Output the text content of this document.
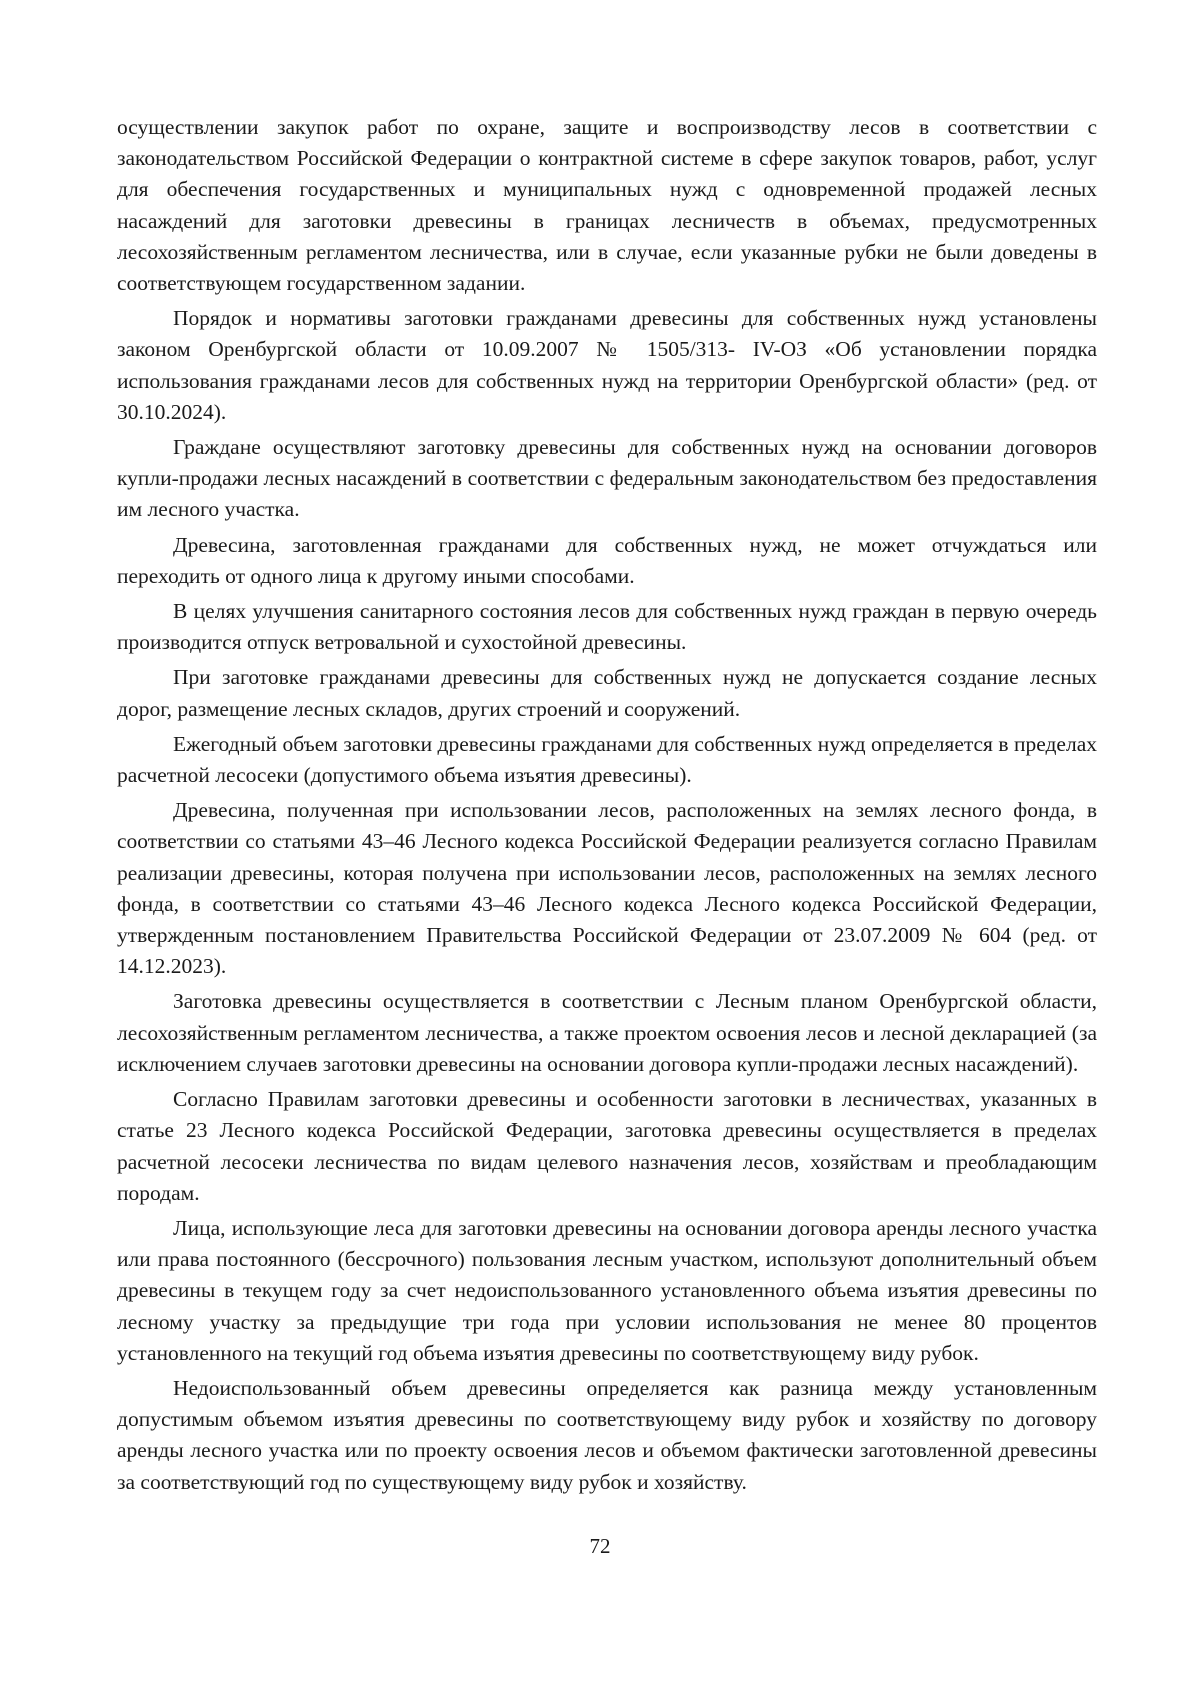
осуществлении закупок работ по охране, защите и воспроизводству лесов в соответствии с законодательством Российской Федерации о контрактной системе в сфере закупок товаров, работ, услуг для обеспечения государственных и муниципальных нужд с одновременной продажей лесных насаждений для заготовки древесины в границах лесничеств в объемах, предусмотренных лесохозяйственным регламентом лесничества, или в случае, если указанные рубки не были доведены в соответствующем государственном задании.

Порядок и нормативы заготовки гражданами древесины для собственных нужд установлены законом Оренбургской области от 10.09.2007 № 1505/313- IV-ОЗ «Об установлении порядка использования гражданами лесов для собственных нужд на территории Оренбургской области» (ред. от 30.10.2024).

Граждане осуществляют заготовку древесины для собственных нужд на основании договоров купли-продажи лесных насаждений в соответствии с федеральным законодательством без предоставления им лесного участка.

Древесина, заготовленная гражданами для собственных нужд, не может отчуждаться или переходить от одного лица к другому иными способами.

В целях улучшения санитарного состояния лесов для собственных нужд граждан в первую очередь производится отпуск ветровальной и сухостойной древесины.

При заготовке гражданами древесины для собственных нужд не допускается создание лесных дорог, размещение лесных складов, других строений и сооружений.

Ежегодный объем заготовки древесины гражданами для собственных нужд определяется в пределах расчетной лесосеки (допустимого объема изъятия древесины).

Древесина, полученная при использовании лесов, расположенных на землях лесного фонда, в соответствии со статьями 43–46 Лесного кодекса Российской Федерации реализуется согласно Правилам реализации древесины, которая получена при использовании лесов, расположенных на землях лесного фонда, в соответствии со статьями 43–46 Лесного кодекса Лесного кодекса Российской Федерации, утвержденным постановлением Правительства Российской Федерации от 23.07.2009 № 604 (ред. от 14.12.2023).

Заготовка древесины осуществляется в соответствии с Лесным планом Оренбургской области, лесохозяйственным регламентом лесничества, а также проектом освоения лесов и лесной декларацией (за исключением случаев заготовки древесины на основании договора купли-продажи лесных насаждений).

Согласно Правилам заготовки древесины и особенности заготовки в лесничествах, указанных в статье 23 Лесного кодекса Российской Федерации, заготовка древесины осуществляется в пределах расчетной лесосеки лесничества по видам целевого назначения лесов, хозяйствам и преобладающим породам.

Лица, использующие леса для заготовки древесины на основании договора аренды лесного участка или права постоянного (бессрочного) пользования лесным участком, используют дополнительный объем древесины в текущем году за счет недоиспользованного установленного объема изъятия древесины по лесному участку за предыдущие три года при условии использования не менее 80 процентов установленного на текущий год объема изъятия древесины по соответствующему виду рубок.

Недоиспользованный объем древесины определяется как разница между установленным допустимым объемом изъятия древесины по соответствующему виду рубок и хозяйству по договору аренды лесного участка или по проекту освоения лесов и объемом фактически заготовленной древесины за соответствующий год по существующему виду рубок и хозяйству.

72
